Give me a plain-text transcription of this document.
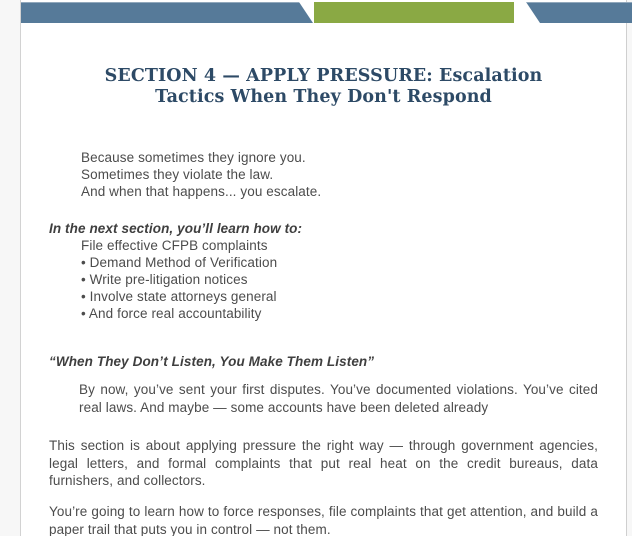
SECTION 4 — APPLY PRESSURE: Escalation
Tactics When They Don't Respond
Because sometimes they ignore you.
Sometimes they violate the law.
And when that happens... you escalate.
In the next section, you’ll learn how to:
File effective CFPB complaints
• Demand Method of Verification
• Write pre-litigation notices
• Involve state attorneys general
• And force real accountability
“When They Don’t Listen, You Make Them Listen”

By now, you’ve sent your first disputes. You’ve documented violations. You’ve cited real laws. And maybe — some accounts have been deleted already

This section is about applying pressure the right way — through government agencies, legal letters, and formal complaints that put real heat on the credit bureaus, data furnishers, and collectors.

You’re going to learn how to force responses, file complaints that get attention, and build a paper trail that puts you in control — not them.
